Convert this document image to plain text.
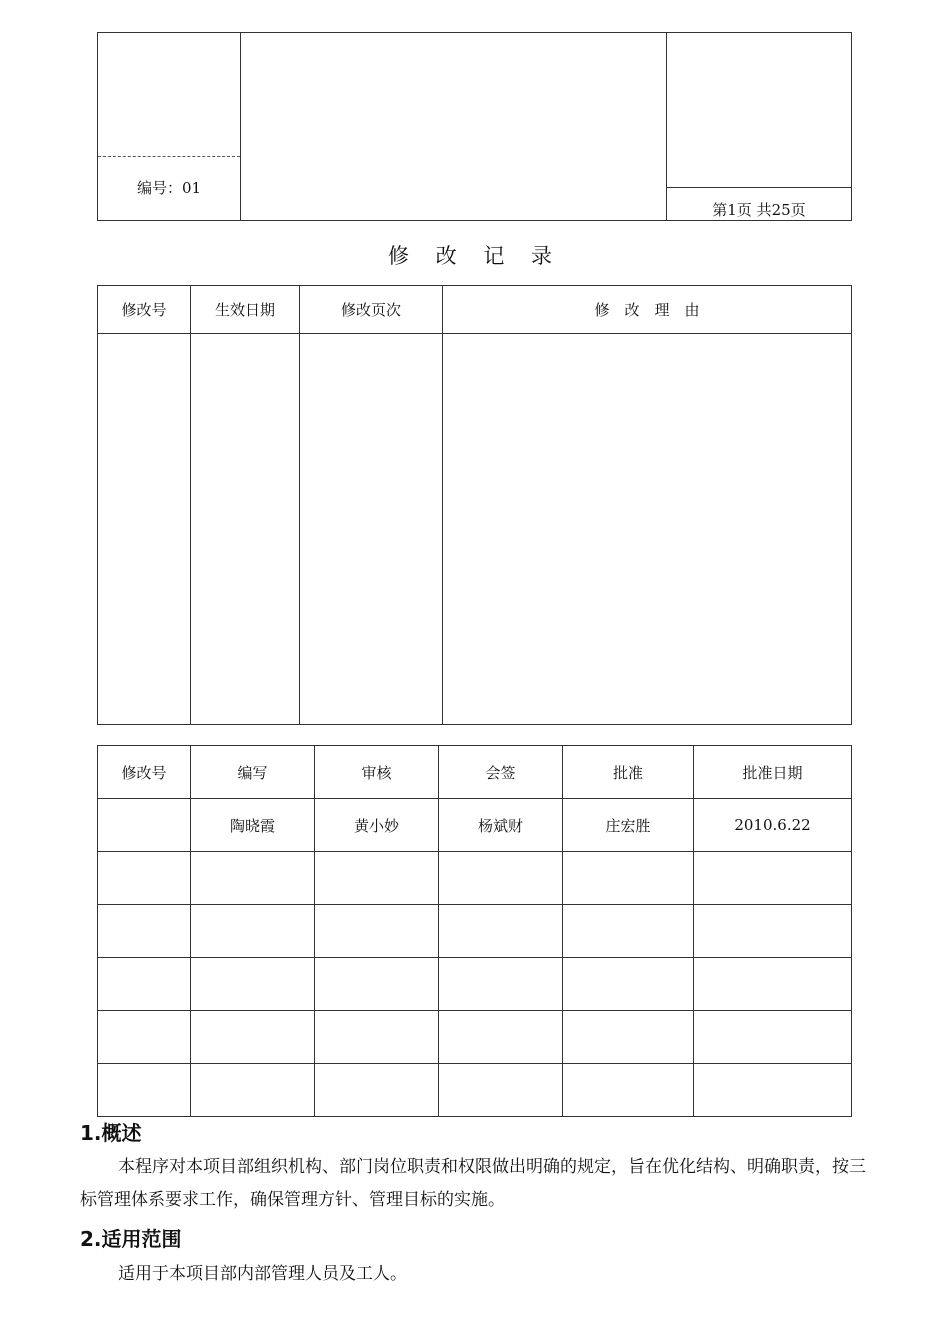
编号：01

第1页 共25页
修 改 记 录
修改号	生效日期	修改页次	修　改　理　由

修改号	编写	审核	会签	批准	批准日期
	陶晓霞	黄小妙	杨斌财	庄宏胜	2010.6.22

1.概述
本程序对本项目部组织机构、部门岗位职责和权限做出明确的规定，旨在优化结构、明确职责，按三标管理体系要求工作，确保管理方针、管理目标的实施。
2.适用范围
适用于本项目部内部管理人员及工人。
